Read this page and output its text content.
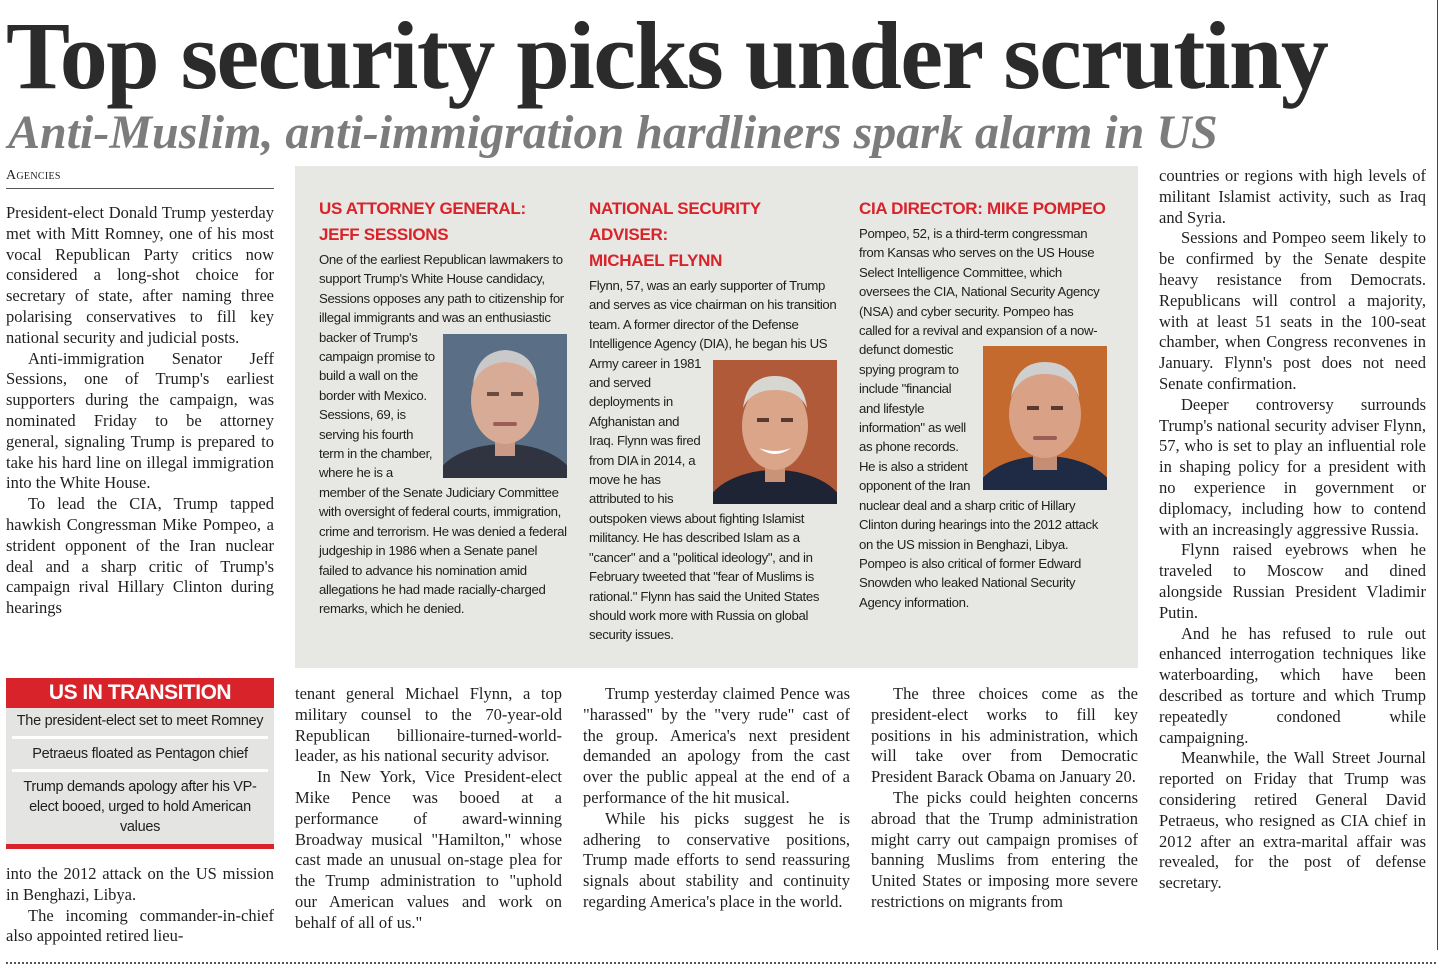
Top security picks under scrutiny
Anti-Muslim, anti-immigration hardliners spark alarm in US
Agencies

President-elect Donald Trump yesterday met with Mitt Romney, one of his most vocal Republican Party critics now considered a long-shot choice for secretary of state, after naming three polarising conservatives to fill key national security and judicial posts.

Anti-immigration Senator Jeff Sessions, one of Trump's earliest supporters during the campaign, was nominated Friday to be attorney general, signaling Trump is prepared to take his hard line on illegal immigration into the White House.

To lead the CIA, Trump tapped hawkish Congressman Mike Pompeo, a strident opponent of the Iran nuclear deal and a sharp critic of Trump's campaign rival Hillary Clinton during hearings

US IN TRANSITION
The president-elect set to meet Romney
Petraeus floated as Pentagon chief
Trump demands apology after his VP-elect booed, urged to hold American values

into the 2012 attack on the US mission in Benghazi, Libya.

The incoming commander-in-chief also appointed retired lieu-

US ATTORNEY GENERAL:
JEFF SESSIONS

One of the earliest Republican lawmakers to support Trump's White House candidacy, Sessions opposes any path to citizenship for illegal immigrants and was an enthusiastic
backer of Trump's campaign promise to build a wall on the border with Mexico. Sessions, 69, is serving his fourth term in the chamber, where he is a member of the Senate Judiciary Committee with oversight of federal courts, immigration, crime and terrorism. He was denied a federal judgeship in 1986 when a Senate panel failed to advance his nomination amid allegations he had made racially-charged remarks, which he denied.

NATIONAL SECURITY ADVISER:
MICHAEL FLYNN

Flynn, 57, was an early supporter of Trump and serves as vice chairman on his transition team. A former director of the Defense Intelligence Agency (DIA), he began his US
Army career in 1981 and served deployments in Afghanistan and Iraq. Flynn was fired from DIA in 2014, a move he has attributed to his outspoken views about fighting Islamist militancy. He has described Islam as a "cancer" and a "political ideology", and in February tweeted that "fear of Muslims is rational." Flynn has said the United States should work more with Russia on global security issues.

CIA DIRECTOR: MIKE POMPEO

Pompeo, 52, is a third-term congressman from Kansas who serves on the US House Select Intelligence Committee, which oversees the CIA, National Security Agency (NSA) and cyber security. Pompeo has called for a revival and expansion of a now-defunct domestic spying program to include "financial and lifestyle information" as well as phone records. He is also a strident opponent of the Iran nuclear deal and a sharp critic of Hillary Clinton during hearings into the 2012 attack on the US mission in Benghazi, Libya. Pompeo is also critical of former Edward Snowden who leaked National Security Agency information.

tenant general Michael Flynn, a top military counsel to the 70-year-old Republican billionaire-turned-world-leader, as his national security advisor.

In New York, Vice President-elect Mike Pence was booed at a performance of award-winning Broadway musical "Hamilton," whose cast made an unusual on-stage plea for the Trump administration to "uphold our American values and work on behalf of all of us."

Trump yesterday claimed Pence was "harassed" by the "very rude" cast of the group. America's next president demanded an apology from the cast over the public appeal at the end of a performance of the hit musical.

While his picks suggest he is adhering to conservative positions, Trump made efforts to send reassuring signals about stability and continuity regarding America's place in the world.

The three choices come as the president-elect works to fill key positions in his administration, which will take over from Democratic President Barack Obama on January 20.

The picks could heighten concerns abroad that the Trump administration might carry out campaign promises of banning Muslims from entering the United States or imposing more severe restrictions on migrants from

countries or regions with high levels of militant Islamist activity, such as Iraq and Syria.

Sessions and Pompeo seem likely to be confirmed by the Senate despite heavy resistance from Democrats. Republicans will control a majority, with at least 51 seats in the 100-seat chamber, when Congress reconvenes in January. Flynn's post does not need Senate confirmation.

Deeper controversy surrounds Trump's national security adviser Flynn, 57, who is set to play an influential role in shaping policy for a president with no experience in government or diplomacy, including how to contend with an increasingly aggressive Russia.

Flynn raised eyebrows when he traveled to Moscow and dined alongside Russian President Vladimir Putin.

And he has refused to rule out enhanced interrogation techniques like waterboarding, which have been described as torture and which Trump repeatedly condoned while campaigning.

Meanwhile, the Wall Street Journal reported on Friday that Trump was considering retired General David Petraeus, who resigned as CIA chief in 2012 after an extra-marital affair was revealed, for the post of defense secretary.
